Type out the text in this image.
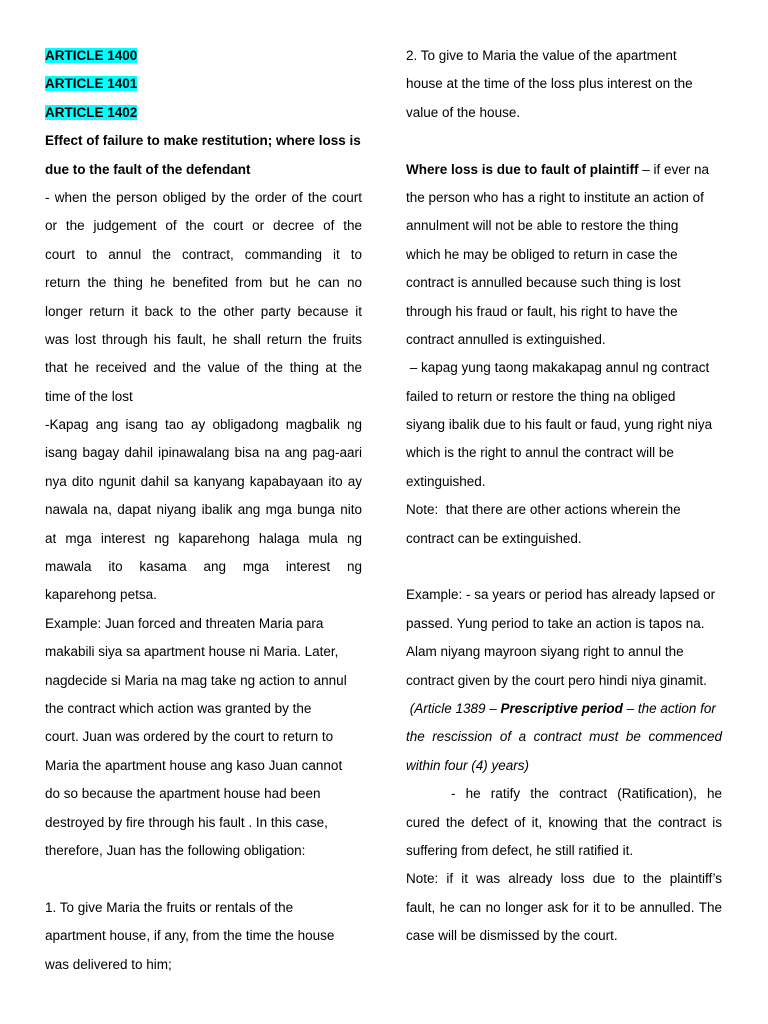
ARTICLE 1400
ARTICLE 1401
ARTICLE 1402
Effect of failure to make restitution; where loss is
due to the fault of the defendant
- when the person obliged by the order of the court
or the judgement of the court or decree of the
court to annul the contract, commanding it to
return the thing he benefited from but he can no
longer return it back to the other party because it
was lost through his fault, he shall return the fruits
that he received and the value of the thing at the
time of the lost
-Kapag ang isang tao ay obligadong magbalik ng
isang bagay dahil ipinawalang bisa na ang pag-aari
nya dito ngunit dahil sa kanyang kapabayaan ito ay
nawala na, dapat niyang ibalik ang mga bunga nito
at mga interest ng kaparehong halaga mula ng
mawala ito kasama ang mga interest ng
kaparehong petsa.
Example: Juan forced and threaten Maria para
makabili siya sa apartment house ni Maria. Later,
nagdecide si Maria na mag take ng action to annul
the contract which action was granted by the
court. Juan was ordered by the court to return to
Maria the apartment house ang kaso Juan cannot
do so because the apartment house had been
destroyed by fire through his fault . In this case,
therefore, Juan has the following obligation:
1. To give Maria the fruits or rentals of the
apartment house, if any, from the time the house
was delivered to him;
2. To give to Maria the value of the apartment
house at the time of the loss plus interest on the
value of the house.
Where loss is due to fault of plaintiff – if ever na
the person who has a right to institute an action of
annulment will not be able to restore the thing
which he may be obliged to return in case the
contract is annulled because such thing is lost
through his fraud or fault, his right to have the
contract annulled is extinguished.
– kapag yung taong makakapag annul ng contract
failed to return or restore the thing na obliged
siyang ibalik due to his fault or faud, yung right niya
which is the right to annul the contract will be
extinguished.
Note:  that there are other actions wherein the
contract can be extinguished.
Example: - sa years or period has already lapsed or
passed. Yung period to take an action is tapos na.
Alam niyang mayroon siyang right to annul the
contract given by the court pero hindi niya ginamit.
(Article 1389 – Prescriptive period – the action for
the rescission of a contract must be commenced
within four (4) years)
- he ratify the contract (Ratification), he
cured the defect of it, knowing that the contract is
suffering from defect, he still ratified it.
Note: if it was already loss due to the plaintiff’s
fault, he can no longer ask for it to be annulled. The
case will be dismissed by the court.
